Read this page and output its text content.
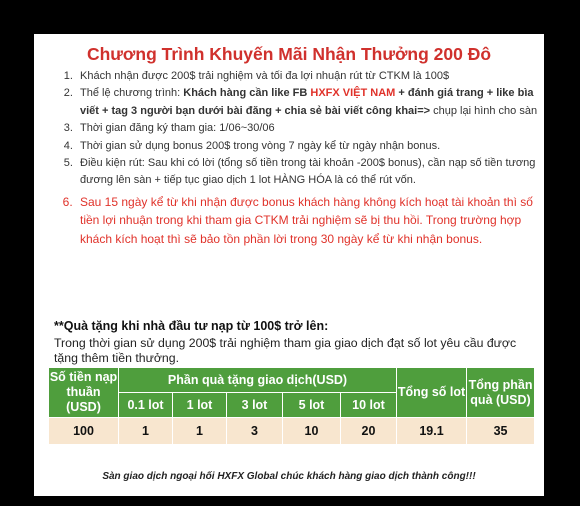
Chương Trình Khuyến Mãi Nhận Thưởng 200 Đô
1. Khách nhận được 200$ trải nghiệm và tối đa lợi nhuận rút từ CTKM là 100$
2. Thể lệ chương trình: Khách hàng cần like FB HXFX VIỆT NAM + đánh giá trang + like bìa viết + tag 3 người bạn dưới bài đăng + chia sẻ bài viết công khai=> chụp lại hình cho sàn
3. Thời gian đăng ký tham gia: 1/06~30/06
4. Thời gian sử dụng bonus 200$ trong vòng 7 ngày kể từ ngày nhận bonus.
5. Điều kiện rút: Sau khi có lời (tổng số tiền trong tài khoản -200$ bonus), cần nạp số tiền tương đương lên sàn + tiếp tục giao dịch 1 lot HÀNG HÓA là có thể rút vốn.
6. Sau 15 ngày kể từ khi nhận được bonus khách hàng không kích hoạt tài khoản thì số tiền lợi nhuận trong khi tham gia CTKM trải nghiệm sẽ bị thu hồi. Trong trường hợp khách kích hoạt thì sẽ bảo tồn phần lời trong 30 ngày kể từ khi nhận bonus.
**Quà tặng khi nhà đầu tư nạp từ 100$ trở lên:
Trong thời gian sử dụng 200$ trải nghiệm tham gia giao dịch đạt số lot yêu cầu được tặng thêm tiền thưởng.
Số tiền nạp thuần (USD)	Phần quà tặng giao dịch(USD)					Tổng số lot	Tổng phần quà (USD)
	0.1 lot	1 lot	3 lot	5 lot	10 lot		
100	1	1	3	10	20	19.1	35
Sàn giao dịch ngoại hối HXFX Global chúc khách hàng giao dịch thành công!!!
